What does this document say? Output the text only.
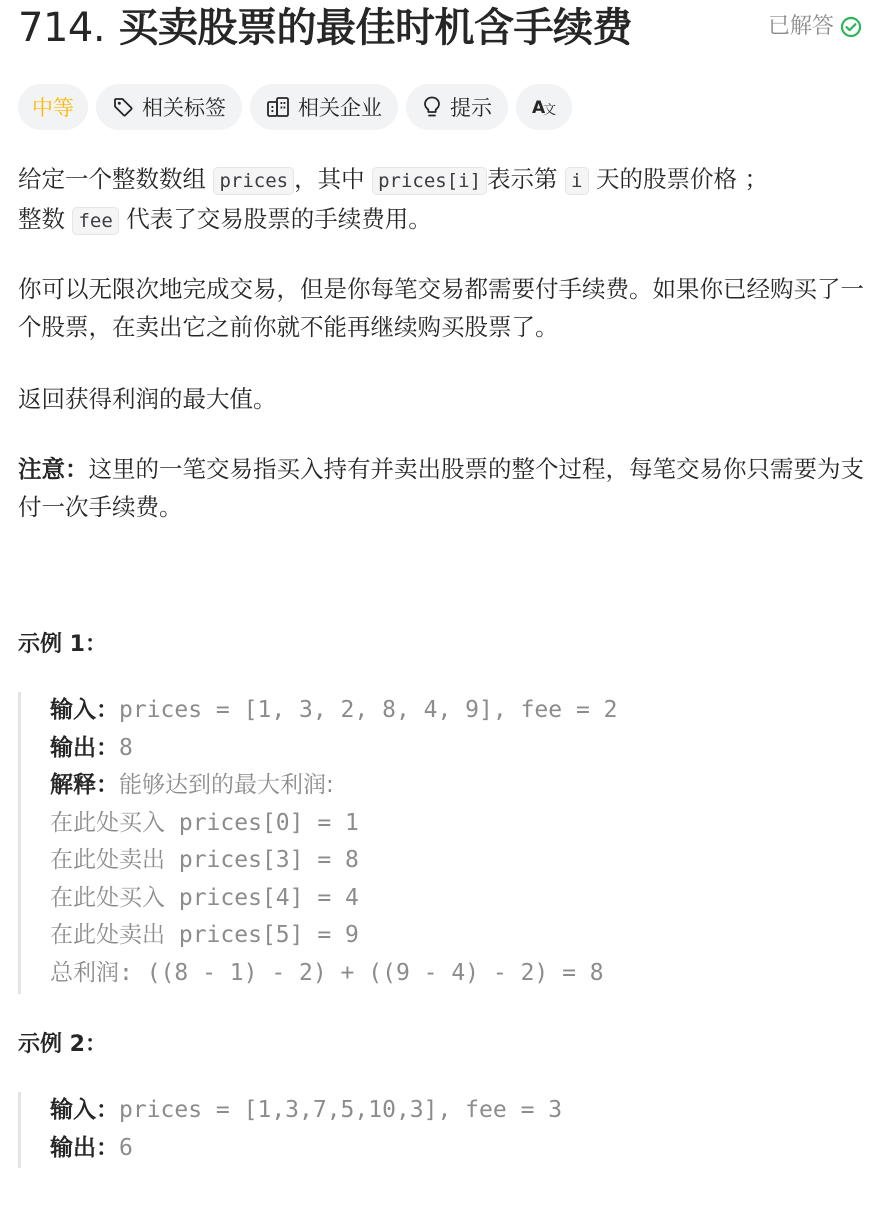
714. 买卖股票的最佳时机含手续费	已解答
中等	相关标签	相关企业	提示 A
文

给定一个整数数组 prices ，其中 prices[i] 表示第 i 天的股票价格 ；
整数 fee 代表了交易股票的手续费用。

你可以无限次地完成交易，但是你每笔交易都需要付手续费。如果你已经购买了一个股票，在卖出它之前你就不能再继续购买股票了。

返回获得利润的最大值。

注意：这里的一笔交易指买入持有并卖出股票的整个过程，每笔交易你只需要为支付一次手续费。

示例 1：
输入：prices = [1, 3, 2, 8, 4, 9], fee = 2
输出：8
解释：能够达到的最大利润:
在此处买入 prices[0] = 1
在此处卖出 prices[3] = 8
在此处买入 prices[4] = 4
在此处卖出 prices[5] = 9
总利润: ((8 - 1) - 2) + ((9 - 4) - 2) = 8
示例 2：
输入：prices = [1,3,7,5,10,3], fee = 3
输出：6
